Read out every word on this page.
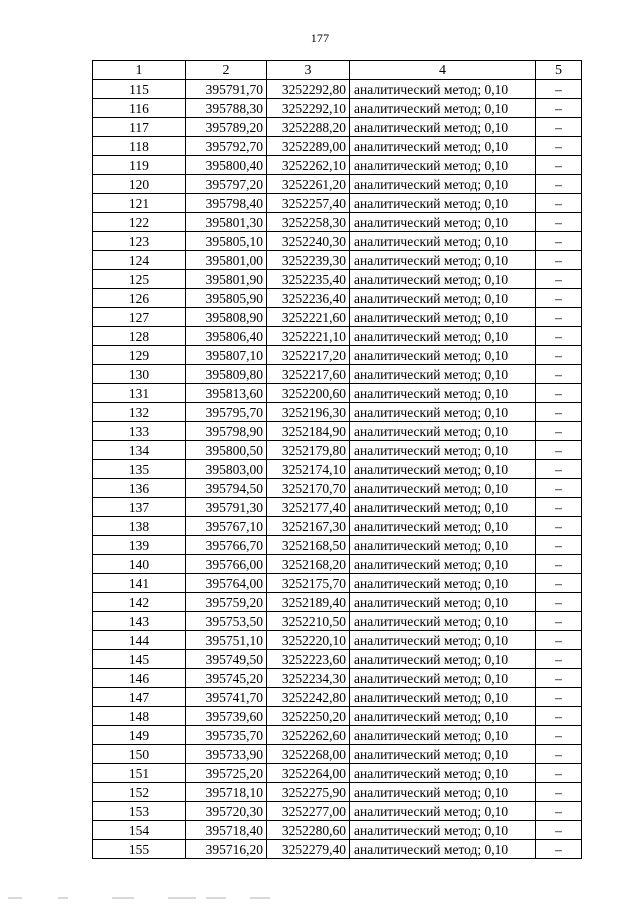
177
1	2	3	4	5
115	395791,70	3252292,80	аналитический метод; 0,10	–
116	395788,30	3252292,10	аналитический метод; 0,10	–
117	395789,20	3252288,20	аналитический метод; 0,10	–
118	395792,70	3252289,00	аналитический метод; 0,10	–
119	395800,40	3252262,10	аналитический метод; 0,10	–
120	395797,20	3252261,20	аналитический метод; 0,10	–
121	395798,40	3252257,40	аналитический метод; 0,10	–
122	395801,30	3252258,30	аналитический метод; 0,10	–
123	395805,10	3252240,30	аналитический метод; 0,10	–
124	395801,00	3252239,30	аналитический метод; 0,10	–
125	395801,90	3252235,40	аналитический метод; 0,10	–
126	395805,90	3252236,40	аналитический метод; 0,10	–
127	395808,90	3252221,60	аналитический метод; 0,10	–
128	395806,40	3252221,10	аналитический метод; 0,10	–
129	395807,10	3252217,20	аналитический метод; 0,10	–
130	395809,80	3252217,60	аналитический метод; 0,10	–
131	395813,60	3252200,60	аналитический метод; 0,10	–
132	395795,70	3252196,30	аналитический метод; 0,10	–
133	395798,90	3252184,90	аналитический метод; 0,10	–
134	395800,50	3252179,80	аналитический метод; 0,10	–
135	395803,00	3252174,10	аналитический метод; 0,10	–
136	395794,50	3252170,70	аналитический метод; 0,10	–
137	395791,30	3252177,40	аналитический метод; 0,10	–
138	395767,10	3252167,30	аналитический метод; 0,10	–
139	395766,70	3252168,50	аналитический метод; 0,10	–
140	395766,00	3252168,20	аналитический метод; 0,10	–
141	395764,00	3252175,70	аналитический метод; 0,10	–
142	395759,20	3252189,40	аналитический метод; 0,10	–
143	395753,50	3252210,50	аналитический метод; 0,10	–
144	395751,10	3252220,10	аналитический метод; 0,10	–
145	395749,50	3252223,60	аналитический метод; 0,10	–
146	395745,20	3252234,30	аналитический метод; 0,10	–
147	395741,70	3252242,80	аналитический метод; 0,10	–
148	395739,60	3252250,20	аналитический метод; 0,10	–
149	395735,70	3252262,60	аналитический метод; 0,10	–
150	395733,90	3252268,00	аналитический метод; 0,10	–
151	395725,20	3252264,00	аналитический метод; 0,10	–
152	395718,10	3252275,90	аналитический метод; 0,10	–
153	395720,30	3252277,00	аналитический метод; 0,10	–
154	395718,40	3252280,60	аналитический метод; 0,10	–
155	395716,20	3252279,40	аналитический метод; 0,10	–
